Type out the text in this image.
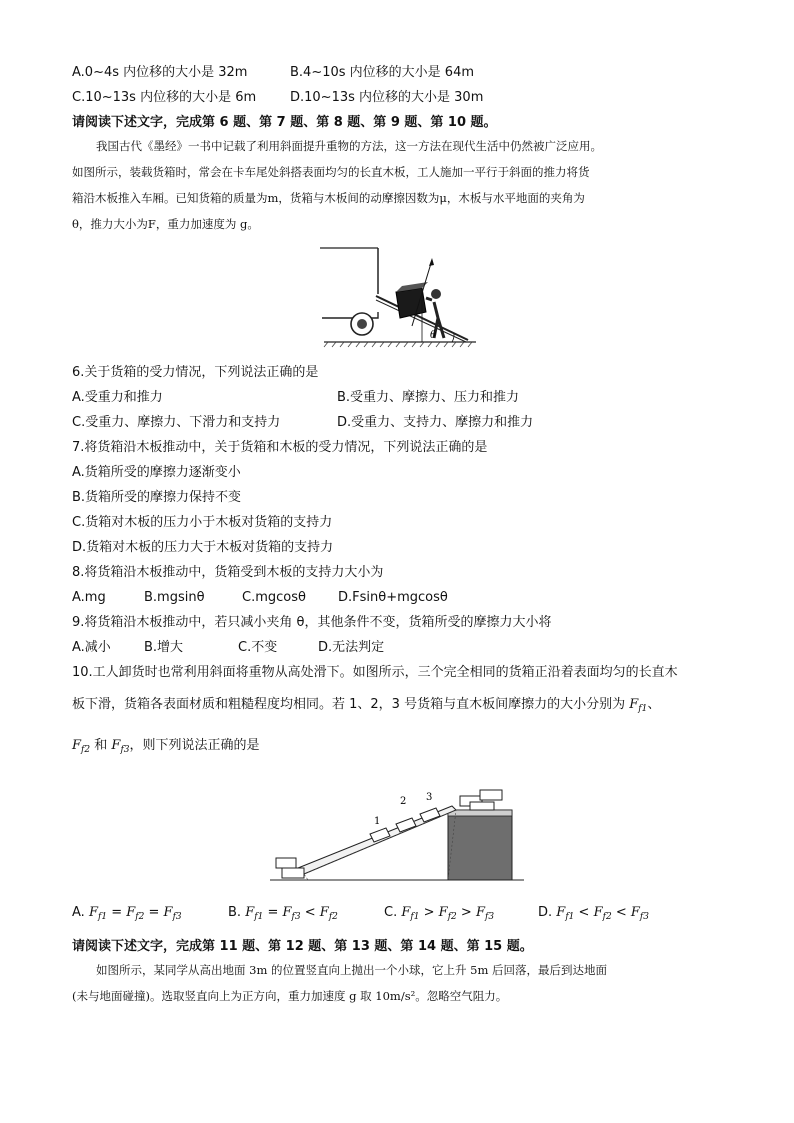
A.0~4s 内位移的大小是 32m	B.4~10s 内位移的大小是 64m
C.10~13s 内位移的大小是 6m	D.10~13s 内位移的大小是 30m
请阅读下述文字，完成第 6 题、第 7 题、第 8 题、第 9 题、第 10 题。
我国古代《墨经》一书中记载了利用斜面提升重物的方法，这一方法在现代生活中仍然被广泛应用。
如图所示，装载货箱时，常会在卡车尾处斜搭表面均匀的长直木板，工人施加一平行于斜面的推力将货
箱沿木板推入车厢。已知货箱的质量为m，货箱与木板间的动摩擦因数为μ，木板与水平地面的夹角为
θ，推力大小为F，重力加速度为 g。
θ
6.关于货箱的受力情况，下列说法正确的是
A.受重力和推力	B.受重力、摩擦力、压力和推力
C.受重力、摩擦力、下滑力和支持力	D.受重力、支持力、摩擦力和推力
7.将货箱沿木板推动中，关于货箱和木板的受力情况，下列说法正确的是
A.货箱所受的摩擦力逐渐变小
B.货箱所受的摩擦力保持不变
C.货箱对木板的压力小于木板对货箱的支持力
D.货箱对木板的压力大于木板对货箱的支持力
8.将货箱沿木板推动中，货箱受到木板的支持力大小为
A.mg	B.mgsinθ	C.mgcosθ D.Fsinθ+mgcosθ
9.将货箱沿木板推动中，若只减小夹角 θ，其他条件不变，货箱所受的摩擦力大小将
A.减小	B.增大	C.不变	D.无法判定
10.工人卸货时也常利用斜面将重物从高处滑下。如图所示，三个完全相同的货箱正沿着表面均匀的长直木
板下滑，货箱各表面材质和粗糙程度均相同。若 1、2，3 号货箱与直木板间摩擦力的大小分别为 $F_{f1}$、
$F_{f2}$ 和 $F_{f3}$，则下列说法正确的是
1
2 3
A. $F_{f1} = F_{f2} = F_{f3}$	B. $F_{f1} = F_{f3} < F_{f2}$	C. $F_{f1} > F_{f2} > F_{f3}$	D. $F_{f1} < F_{f2} < F_{f3}$
请阅读下述文字，完成第 11 题、第 12 题、第 13 题、第 14 题、第 15 题。
如图所示，某同学从高出地面 3m 的位置竖直向上抛出一个小球，它上升 5m 后回落，最后到达地面
(未与地面碰撞)。选取竖直向上为正方向，重力加速度 g 取 10m/s²。忽略空气阻力。
